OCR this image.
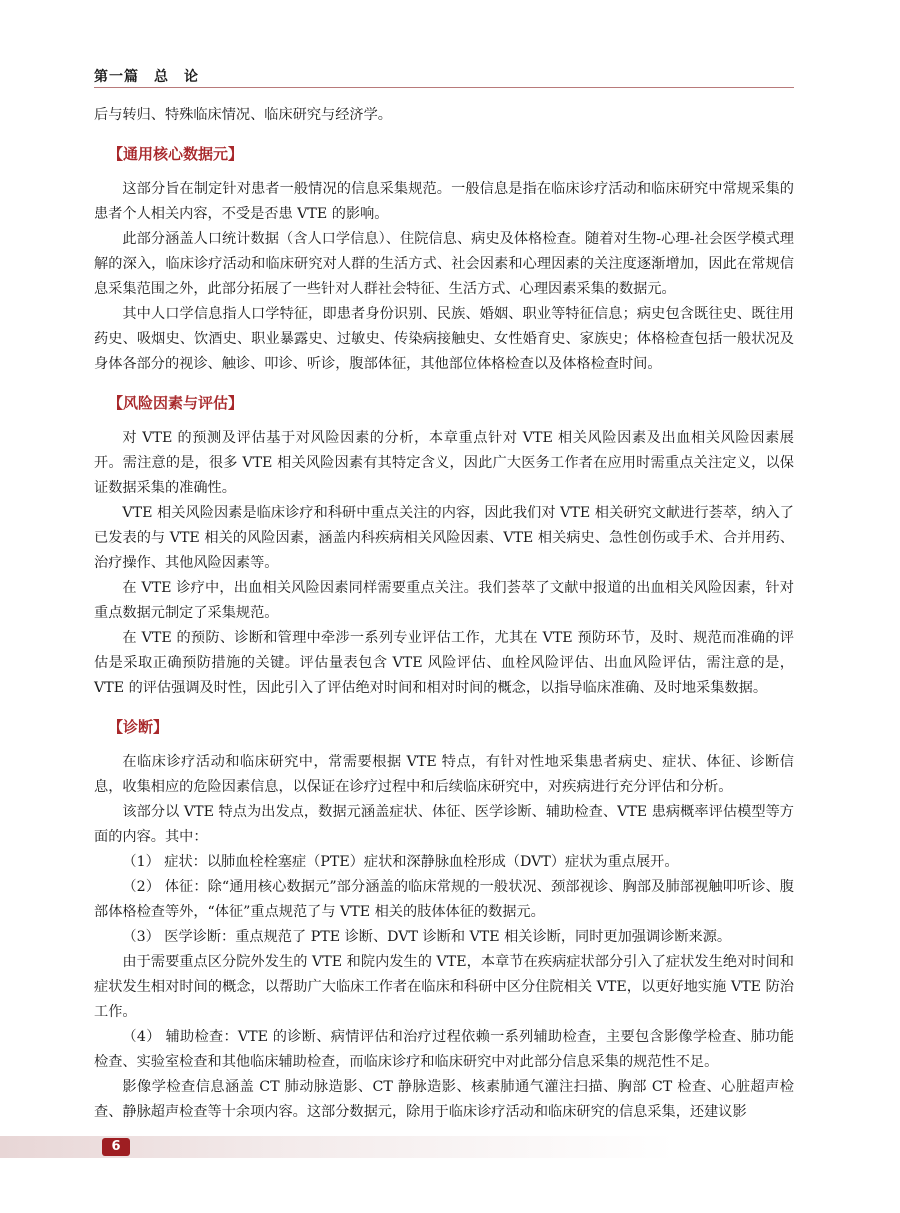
第一篇　总　论

后与转归、特殊临床情况、临床研究与经济学。

【通用核心数据元】

这部分旨在制定针对患者一般情况的信息采集规范。一般信息是指在临床诊疗活动和临床研究中常规采集的患者个人相关内容，不受是否患 VTE 的影响。

此部分涵盖人口统计数据（含人口学信息）、住院信息、病史及体格检查。随着对生物-心理-社会医学模式理解的深入，临床诊疗活动和临床研究对人群的生活方式、社会因素和心理因素的关注度逐渐增加，因此在常规信息采集范围之外，此部分拓展了一些针对人群社会特征、生活方式、心理因素采集的数据元。

其中人口学信息指人口学特征，即患者身份识别、民族、婚姻、职业等特征信息；病史包含既往史、既往用药史、吸烟史、饮酒史、职业暴露史、过敏史、传染病接触史、女性婚育史、家族史；体格检查包括一般状况及身体各部分的视诊、触诊、叩诊、听诊，腹部体征，其他部位体格检查以及体格检查时间。

【风险因素与评估】

对 VTE 的预测及评估基于对风险因素的分析，本章重点针对 VTE 相关风险因素及出血相关风险因素展开。需注意的是，很多 VTE 相关风险因素有其特定含义，因此广大医务工作者在应用时需重点关注定义，以保证数据采集的准确性。

VTE 相关风险因素是临床诊疗和科研中重点关注的内容，因此我们对 VTE 相关研究文献进行荟萃，纳入了已发表的与 VTE 相关的风险因素，涵盖内科疾病相关风险因素、VTE 相关病史、急性创伤或手术、合并用药、治疗操作、其他风险因素等。

在 VTE 诊疗中，出血相关风险因素同样需要重点关注。我们荟萃了文献中报道的出血相关风险因素，针对重点数据元制定了采集规范。

在 VTE 的预防、诊断和管理中牵涉一系列专业评估工作，尤其在 VTE 预防环节，及时、规范而准确的评估是采取正确预防措施的关键。评估量表包含 VTE 风险评估、血栓风险评估、出血风险评估，需注意的是，VTE 的评估强调及时性，因此引入了评估绝对时间和相对时间的概念，以指导临床准确、及时地采集数据。

【诊断】

在临床诊疗活动和临床研究中，常需要根据 VTE 特点，有针对性地采集患者病史、症状、体征、诊断信息，收集相应的危险因素信息，以保证在诊疗过程中和后续临床研究中，对疾病进行充分评估和分析。

该部分以 VTE 特点为出发点，数据元涵盖症状、体征、医学诊断、辅助检查、VTE 患病概率评估模型等方面的内容。其中：

（1） 症状：以肺血栓栓塞症（PTE）症状和深静脉血栓形成（DVT）症状为重点展开。

（2） 体征：除“通用核心数据元”部分涵盖的临床常规的一般状况、颈部视诊、胸部及肺部视触叩听诊、腹部体格检查等外，“体征”重点规范了与 VTE 相关的肢体体征的数据元。

（3） 医学诊断：重点规范了 PTE 诊断、DVT 诊断和 VTE 相关诊断，同时更加强调诊断来源。

由于需要重点区分院外发生的 VTE 和院内发生的 VTE，本章节在疾病症状部分引入了症状发生绝对时间和症状发生相对时间的概念，以帮助广大临床工作者在临床和科研中区分住院相关 VTE，以更好地实施 VTE 防治工作。

（4） 辅助检查：VTE 的诊断、病情评估和治疗过程依赖一系列辅助检查，主要包含影像学检查、肺功能检查、实验室检查和其他临床辅助检查，而临床诊疗和临床研究中对此部分信息采集的规范性不足。

影像学检查信息涵盖 CT 肺动脉造影、CT 静脉造影、核素肺通气灌注扫描、胸部 CT 检查、心脏超声检查、静脉超声检查等十余项内容。这部分数据元，除用于临床诊疗活动和临床研究的信息采集，还建议影

6
